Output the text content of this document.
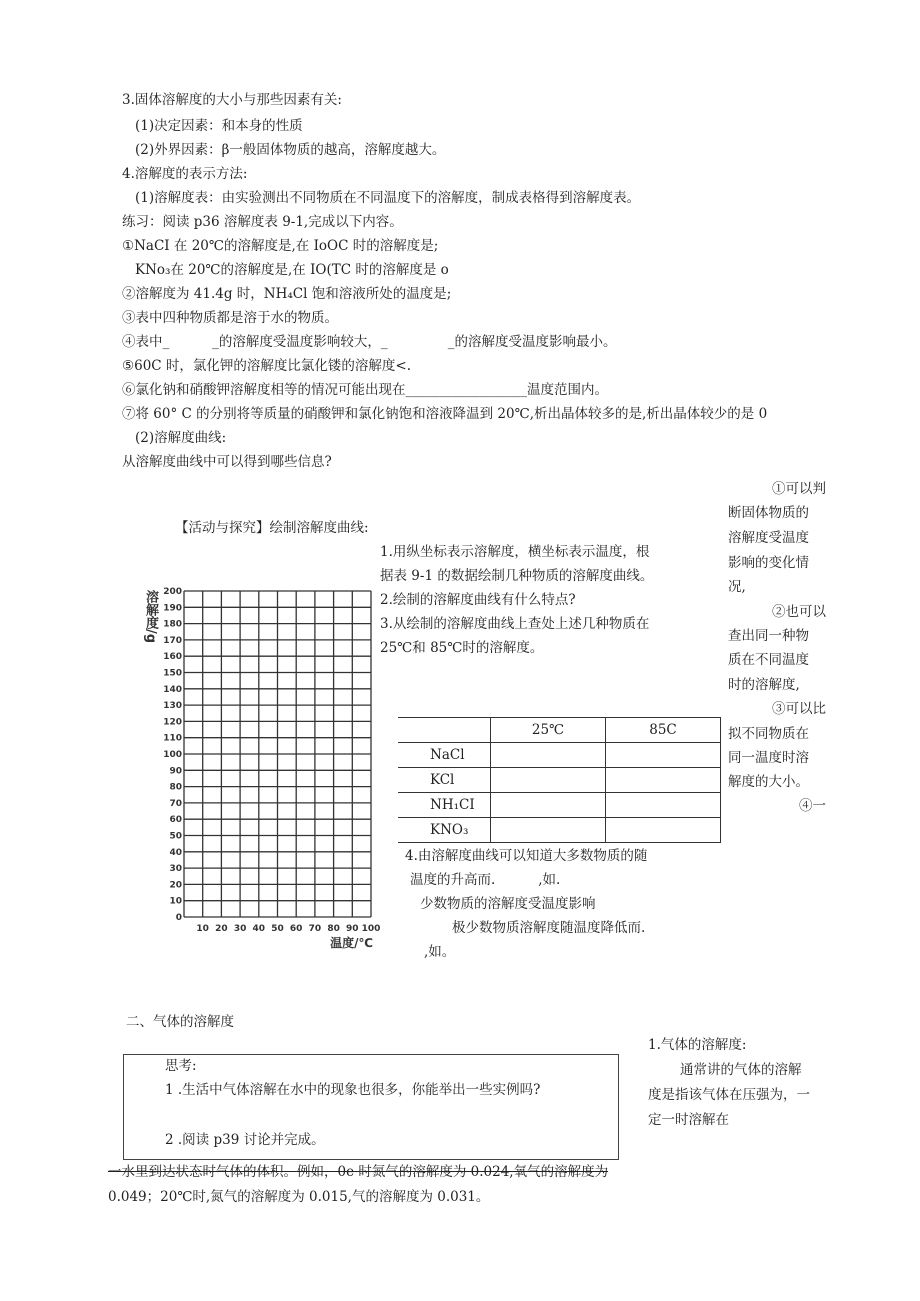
3.固体溶解度的大小与那些因素有关:
(1)决定因素：和本身的性质
(2)外界因素：β一般固体物质的越高，溶解度越大。
4.溶解度的表示方法:
(1)溶解度表：由实验测出不同物质在不同温度下的溶解度，制成表格得到溶解度表。
练习：阅读 p36 溶解度表 9-1,完成以下内容。
①NaCI 在 20℃的溶解度是,在 IoOC 时的溶解度是;
KNo₃在 20℃的溶解度是,在 IO(TC 时的溶解度是 o
②溶解度为 41.4g 时，NH₄Cl 饱和溶液所处的温度是;
③表中四种物质都是溶于水的物质。
④表中_          _的溶解度受温度影响较大，_              _的溶解度受温度影响最小。
⑤60C 时，氯化钾的溶解度比氯化镂的溶解度<.
⑥氯化钠和硝酸钾溶解度相等的情况可能出现在__________________温度范围内。
⑦将 60° C 的分别将等质量的硝酸钾和氯化钠饱和溶液降温到 20℃,析出晶体较多的是,析出晶体较少的是 0
(2)溶解度曲线:
从溶解度曲线中可以得到哪些信息?
①可以判
断固体物质的
溶解度受温度
影响的变化情
况,
②也可以
查出同一种物
质在不同温度
时的溶解度,
③可以比
拟不同物质在
同一温度时溶
解度的大小。
④一
【活动与探究】绘制溶解度曲线:
1.用纵坐标表示溶解度，横坐标表示温度，根
据表 9-1 的数据绘制几种物质的溶解度曲线。
2.绘制的溶解度曲线有什么特点?
3.从绘制的溶解度曲线上查处上述几种物质在
25℃和 85℃时的溶解度。
0
10
20
30
40
50
60
70
80
90
100
110
120
130
140
150
160
170
180
190
200
10 20 30 40 50 60 70 80 90 100
温度/℃
溶解度/g
	25℃	85C
NaCl		
KCl		
NH₁CI		
KNO₃		
4.由溶解度曲线可以知道大多数物质的随
温度的升高而.          ,如.
少数物质的溶解度受温度影响
极少数物质溶解度随温度降低而.
,如。
二、气体的溶解度
1.气体的溶解度:
通常讲的气体的溶解
度是指该气体在压强为，一
定一时溶解在
思考:
1 .生活中气体溶解在水中的现象也很多，你能举出一些实例吗?
2 .阅读 p39 讨论并完成。
一水里到达状态时气体的体积。例如，0e 时氮气的溶解度为 0.024,氧气的溶解度为
0.049；20℃时,氮气的溶解度为 0.015,气的溶解度为 0.031。
